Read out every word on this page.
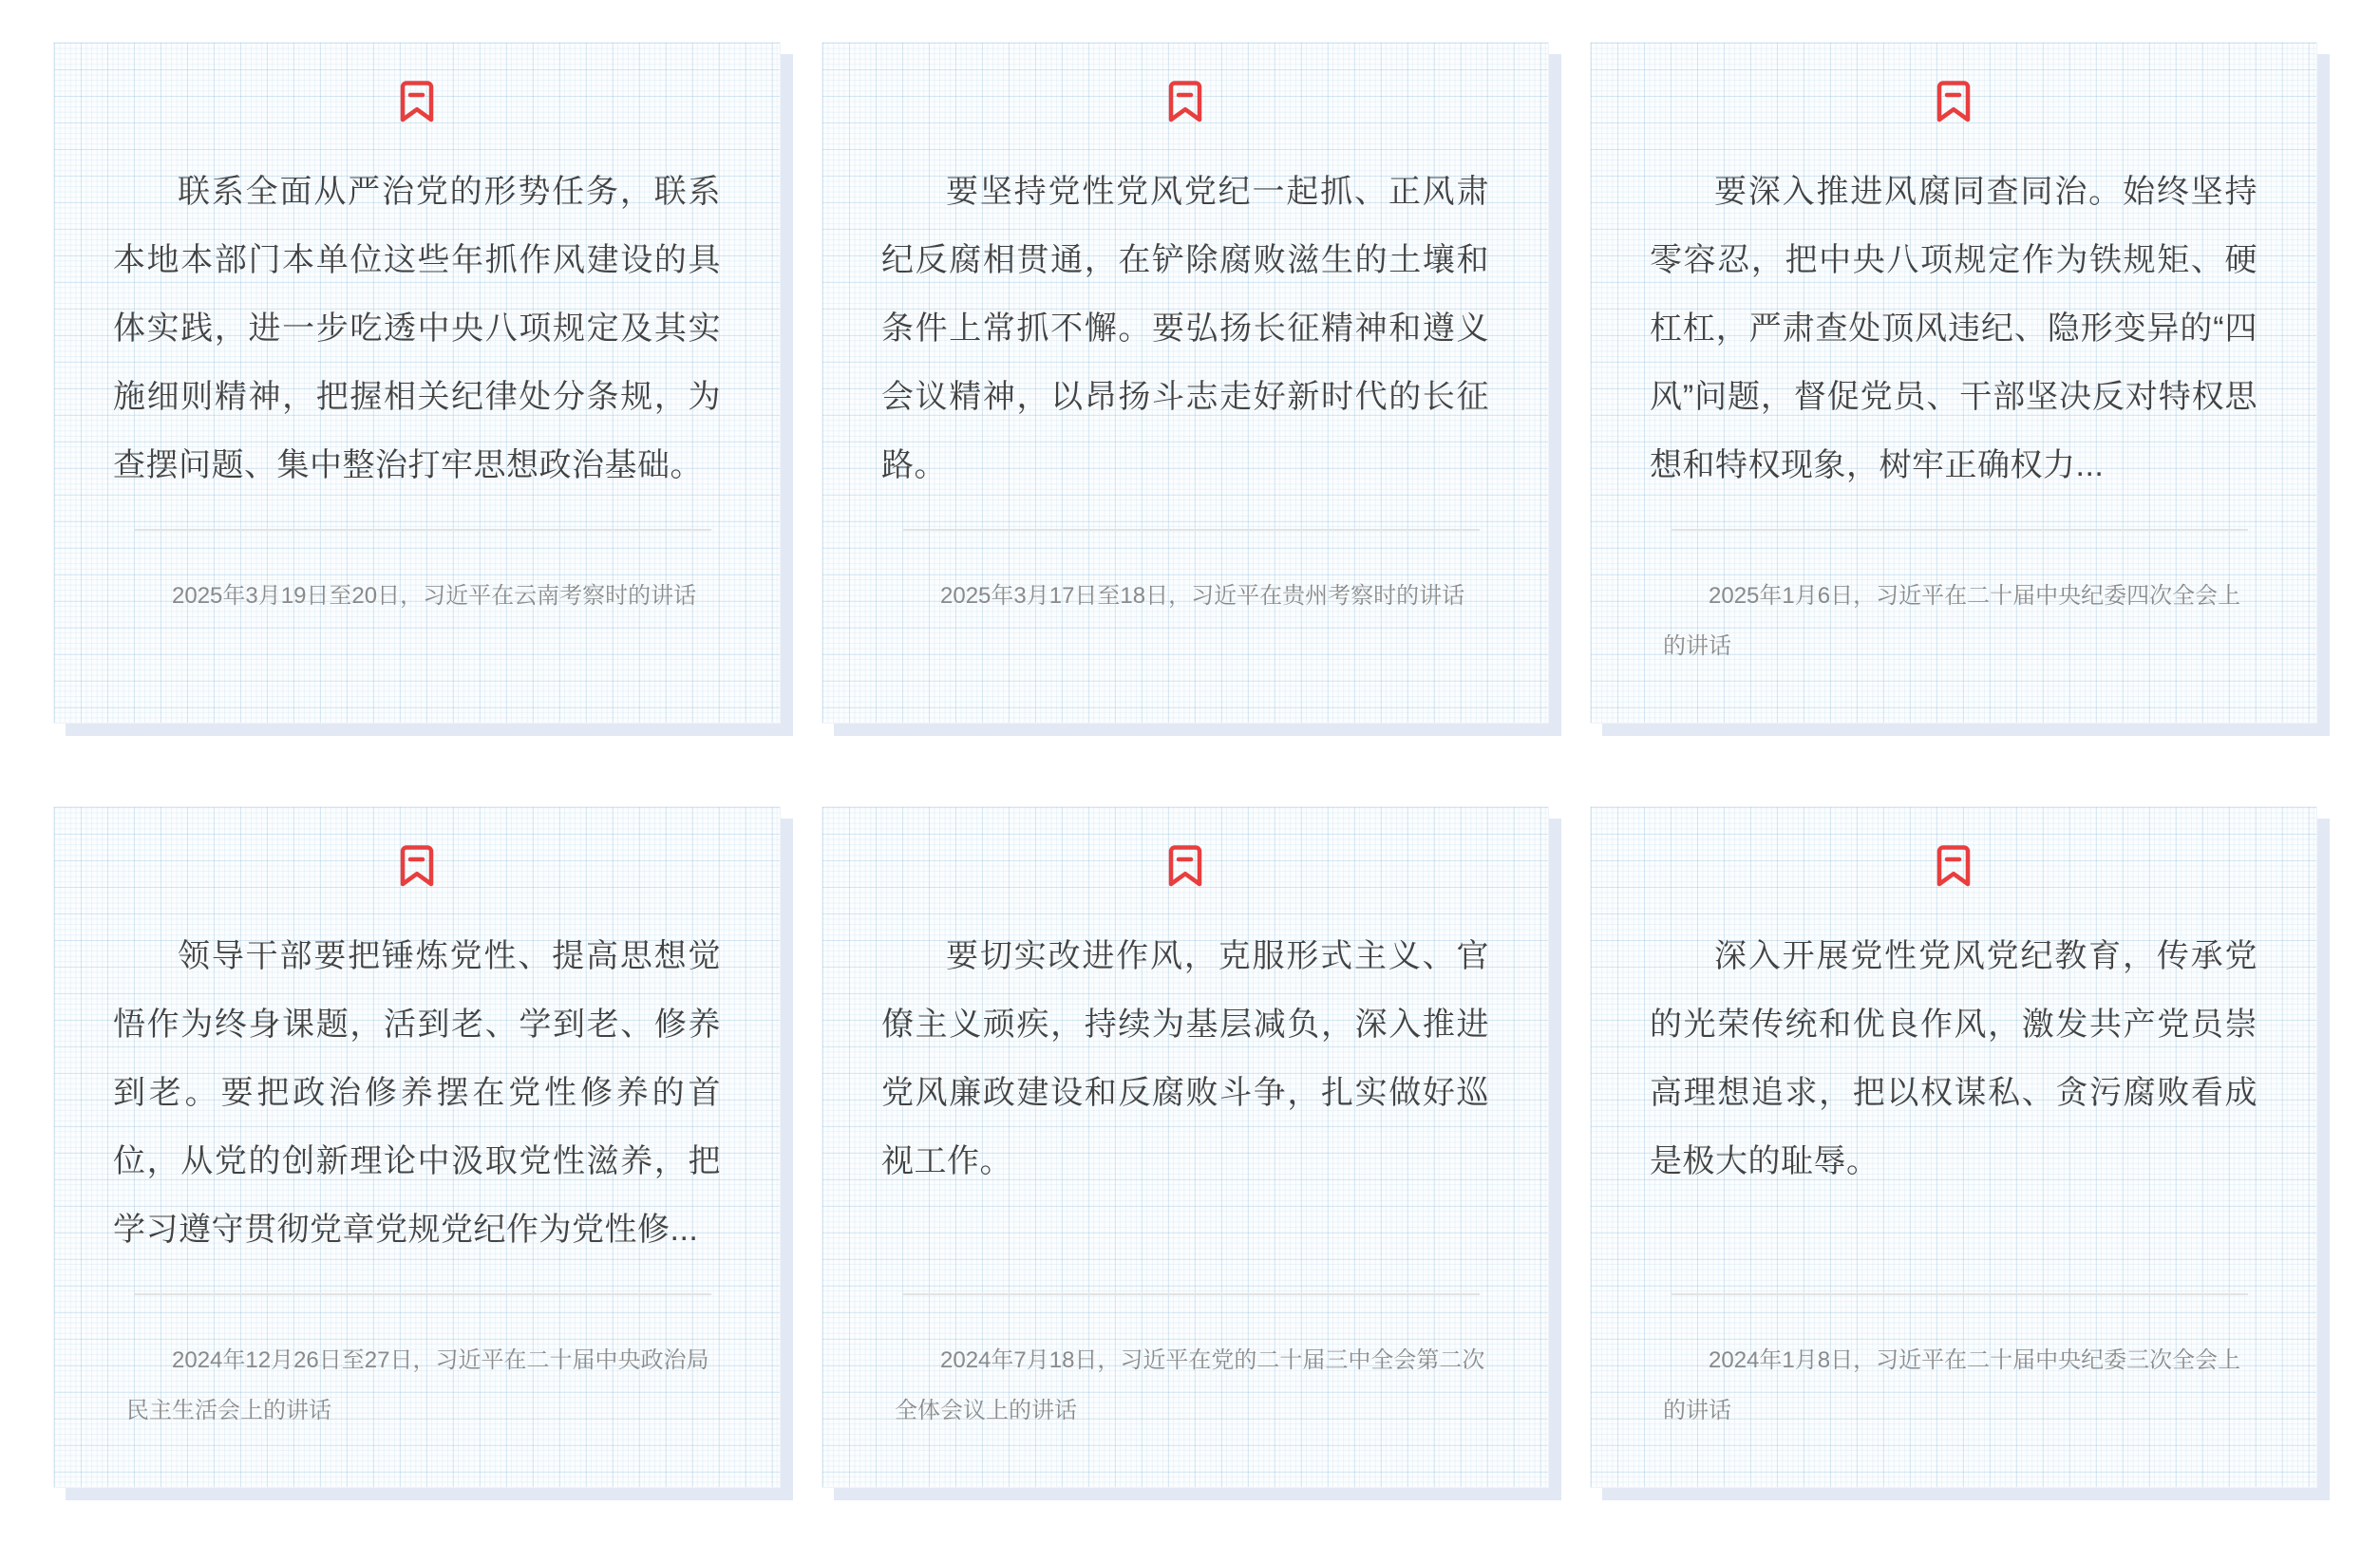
联系全面从严治党的形势任务，联系本地本部门本单位这些年抓作风建设的具体实践，进一步吃透中央八项规定及其实施细则精神，把握相关纪律处分条规，为查摆问题、集中整治打牢思想政治基础。
2025年3月19日至20日，习近平在云南考察时的讲话
要坚持党性党风党纪一起抓、正风肃纪反腐相贯通，在铲除腐败滋生的土壤和条件上常抓不懈。要弘扬长征精神和遵义会议精神，以昂扬斗志走好新时代的长征路。
2025年3月17日至18日，习近平在贵州考察时的讲话
要深入推进风腐同查同治。始终坚持零容忍，把中央八项规定作为铁规矩、硬杠杠，严肃查处顶风违纪、隐形变异的“四风”问题，督促党员、干部坚决反对特权思想和特权现象，树牢正确权力...
2025年1月6日，习近平在二十届中央纪委四次全会上的讲话
领导干部要把锤炼党性、提高思想觉悟作为终身课题，活到老、学到老、修养到老。要把政治修养摆在党性修养的首位，从党的创新理论中汲取党性滋养，把学习遵守贯彻党章党规党纪作为党性修...
2024年12月26日至27日，习近平在二十届中央政治局民主生活会上的讲话
要切实改进作风，克服形式主义、官僚主义顽疾，持续为基层减负，深入推进党风廉政建设和反腐败斗争，扎实做好巡视工作。
2024年7月18日，习近平在党的二十届三中全会第二次全体会议上的讲话
深入开展党性党风党纪教育，传承党的光荣传统和优良作风，激发共产党员崇高理想追求，把以权谋私、贪污腐败看成是极大的耻辱。
2024年1月8日，习近平在二十届中央纪委三次全会上的讲话
